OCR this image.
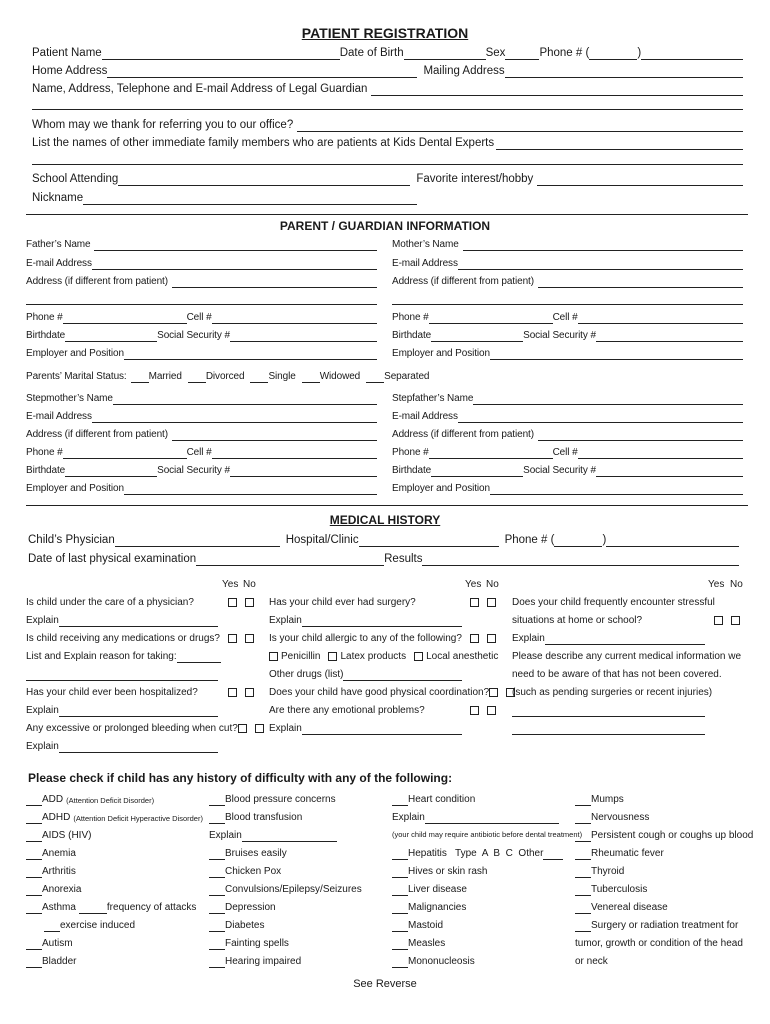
PATIENT REGISTRATION
Patient Name	Date of Birth	Sex	Phone # (	)
Home Address	Mailing Address
Name, Address, Telephone and E-mail Address of Legal Guardian
Whom may we thank for referring you to our office?
List the names of other immediate family members who are patients at Kids Dental Experts
School Attending	Favorite interest/hobby
Nickname
PARENT / GUARDIAN INFORMATION
Father’s Name
E-mail Address
Address (if different from patient)
Phone #	Cell #
Birthdate	Social Security #
Employer and Position
Mother’s Name
E-mail Address
Address (if different from patient)
Phone #	Cell #
Birthdate	Social Security #
Employer and Position
Parents’ Marital Status: Married Divorced Single Widowed Separated
Stepmother’s Name
E-mail Address
Address (if different from patient)
Phone #	Cell #
Birthdate	Social Security #
Employer and Position
Stepfather’s Name
E-mail Address
Address (if different from patient)
Phone #	Cell #
Birthdate	Social Security #
Employer and Position
MEDICAL HISTORY
Child’s Physician	Hospital/Clinic	Phone # (	)
Date of last physical examination	Results
Yes No	Yes No	Yes No
Is child under the care of a physician?
Explain
Is child receiving any medications or drugs?
List and Explain reason for taking:
Has your child ever been hospitalized?
Explain
Any excessive or prolonged bleeding when cut?
Explain
Has your child ever had surgery?
Explain
Is your child allergic to any of the following?
Penicillin Latex products Local anesthetic
Other drugs (list)
Does your child have good physical coordination?
Are there any emotional problems?
Explain
Does your child frequently encounter stressful
situations at home or school?
Explain
Please describe any current medical information we
need to be aware of that has not been covered.
(such as pending surgeries or recent injuries)
Please check if child has any history of difficulty with any of the following:
ADD (Attention Deficit Disorder)
ADHD (Attention Deficit Hyperactive Disorder)
AIDS (HIV)
Anemia
Arthritis
Anorexia
Asthma	frequency of attacks
exercise induced
Autism
Bladder
Blood pressure concerns
Blood transfusion
Explain
Bruises easily
Chicken Pox
Convulsions/Epilepsy/Seizures
Depression
Diabetes
Fainting spells
Hearing impaired
Heart condition
Explain
(your child may require antibiotic before dental treatment)
Hepatitis   Type  A  B  C  Other
Hives or skin rash
Liver disease
Malignancies
Mastoid
Measles
Mononucleosis
Mumps
Nervousness
Persistent cough or coughs up blood
Rheumatic fever
Thyroid
Tuberculosis
Venereal disease
Surgery or radiation treatment for
tumor, growth or condition of the head
or neck
See Reverse
